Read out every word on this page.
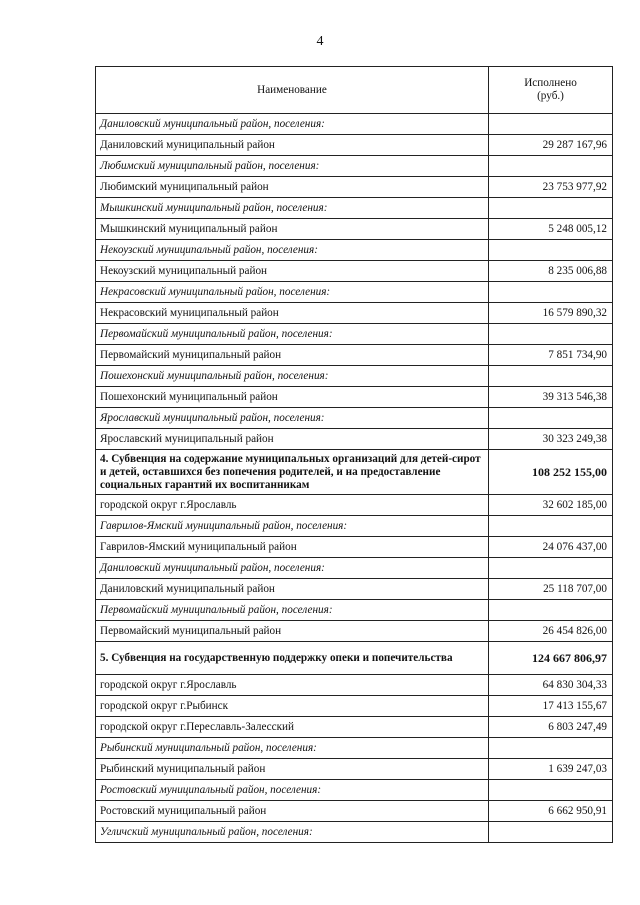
4
Наименование	Исполнено
(руб.)
Даниловский муниципальный район, поселения:	
Даниловский муниципальный район	29 287 167,96
Любимский муниципальный район, поселения:	
Любимский муниципальный район	23 753 977,92
Мышкинский муниципальный район, поселения:	
Мышкинский муниципальный район	5 248 005,12
Некоузский муниципальный район, поселения:	
Некоузский муниципальный район	8 235 006,88
Некрасовский муниципальный район, поселения:	
Некрасовский муниципальный район	16 579 890,32
Первомайский муниципальный район, поселения:	
Первомайский муниципальный район	7 851 734,90
Пошехонский муниципальный район, поселения:	
Пошехонский муниципальный район	39 313 546,38
Ярославский муниципальный район, поселения:	
Ярославский муниципальный район	30 323 249,38
4. Субвенция на содержание муниципальных организаций для детей-сирот и детей, оставшихся без попечения родителей, и на предоставление социальных гарантий их воспитанникам	108 252 155,00
городской округ г.Ярославль	32 602 185,00
Гаврилов-Ямский муниципальный район, поселения:	
Гаврилов-Ямский муниципальный район	24 076 437,00
Даниловский муниципальный район, поселения:	
Даниловский муниципальный район	25 118 707,00
Первомайский муниципальный район, поселения:	
Первомайский муниципальный район	26 454 826,00
5. Субвенция на государственную поддержку опеки и попечительства	124 667 806,97
городской округ г.Ярославль	64 830 304,33
городской округ г.Рыбинск	17 413 155,67
городской округ г.Переславль-Залесский	6 803 247,49
Рыбинский муниципальный район, поселения:	
Рыбинский муниципальный район	1 639 247,03
Ростовский муниципальный район, поселения:	
Ростовский муниципальный район	6 662 950,91
Угличский муниципальный район, поселения:	
